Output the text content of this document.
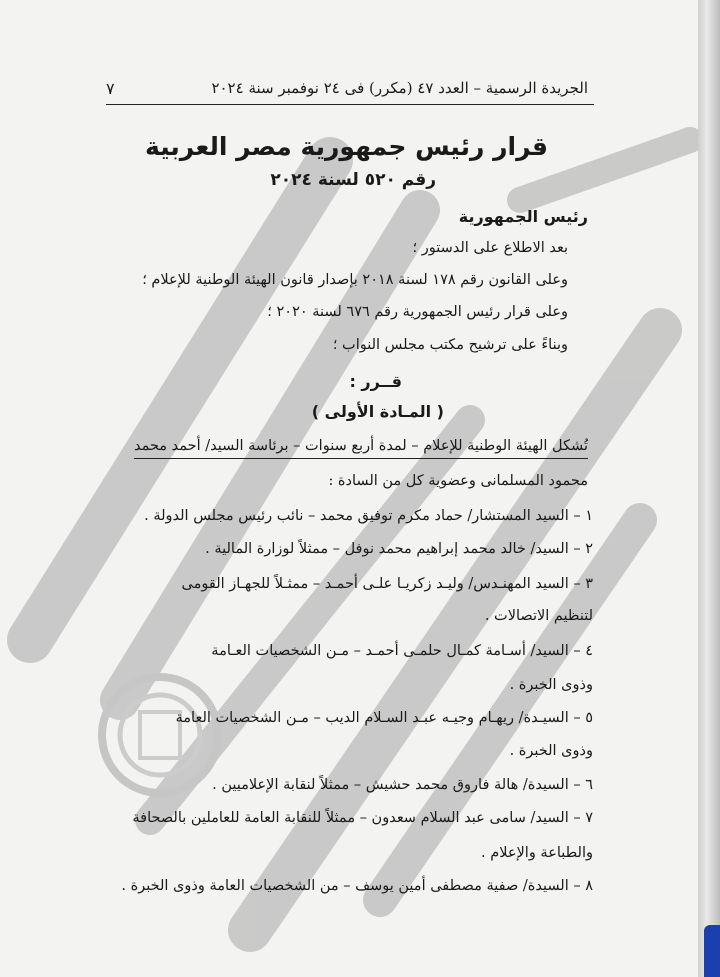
الجريدة الرسمية – العدد ٤٧ (مكرر) فى ٢٤ نوفمبر سنة ٢٠٢٤
٧
قرار رئيس جمهورية مصر العربية
رقم ٥٢٠ لسنة ٢٠٢٤
رئيس الجمهورية
بعد الاطلاع على الدستور ؛
وعلى القانون رقم ١٧٨ لسنة ٢٠١٨ بإصدار قانون الهيئة الوطنية للإعلام ؛
وعلى قرار رئيس الجمهورية رقم ٦٧٦ لسنة ٢٠٢٠ ؛
وبناءً على ترشيح مكتب مجلس النواب ؛
قــرر :
( المـادة الأولى )
تُشكل الهيئة الوطنية للإعلام – لمدة أربع سنوات – برئاسة السيد/ أحمد محمد
محمود المسلمانى وعضوية كل من السادة :
١ – السيد المستشار/ حماد مكرم توفيق محمد – نائب رئيس مجلس الدولة .
٢ – السيد/ خالد محمد إبراهيم محمد نوفل – ممثلاً لوزارة المالية .
٣ – السيد المهنـدس/ وليـد زكريـا علـى أحمـد – ممثـلاً للجهـاز القومى
لتنظيم الاتصالات .
٤ – السيد/ أسـامة كمـال حلمـى أحمـد – مـن الشخصيات العـامة
وذوى الخبرة .
٥ – السيـدة/ ريهـام وجيـه عبـد السـلام الديب – مـن الشخصيات العامة
وذوى الخبرة .
٦ – السيدة/ هالة فاروق محمد حشيش – ممثلاً لنقابة الإعلاميين .
٧ – السيد/ سامى عبد السلام سعدون – ممثلاً للنقابة العامة للعاملين بالصحافة
والطباعة والإعلام .
٨ – السيدة/ صفية مصطفى أمين يوسف – من الشخصيات العامة وذوى الخبرة .
